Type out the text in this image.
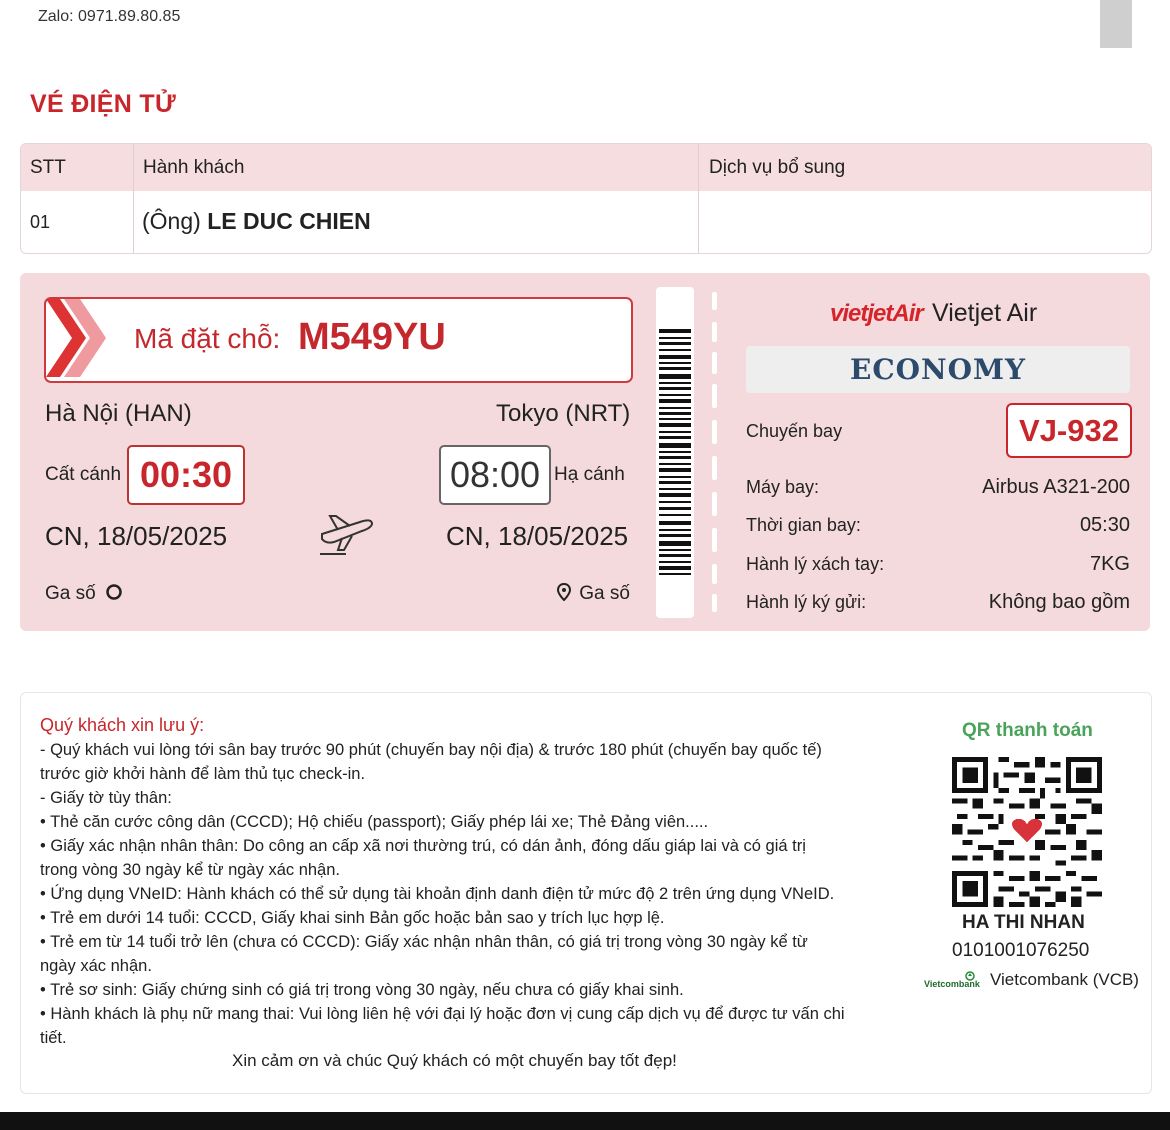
Zalo: 0971.89.80.85
VÉ ĐIỆN TỬ
STT	Hành khách	Dịch vụ bổ sung
01	(Ông) LE DUC CHIEN
Mã đặt chỗ: M549YU
Hà Nội (HAN)	Tokyo (NRT)
Cất cánh 00:30	08:00 Hạ cánh
CN, 18/05/2025	CN, 18/05/2025
Ga số	Ga số
vietjetAir Vietjet Air
ECONOMY
Chuyến bay	VJ-932
Máy bay:	Airbus A321-200
Thời gian bay:	05:30
Hành lý xách tay:	7KG
Hành lý ký gửi:	Không bao gồm
Quý khách xin lưu ý:
- Quý khách vui lòng tới sân bay trước 90 phút (chuyến bay nội địa) & trước 180 phút (chuyến bay quốc tế)
trước giờ khởi hành để làm thủ tục check-in.
- Giấy tờ tùy thân:
• Thẻ căn cước công dân (CCCD); Hộ chiếu (passport); Giấy phép lái xe; Thẻ Đảng viên.....
• Giấy xác nhận nhân thân: Do công an cấp xã nơi thường trú, có dán ảnh, đóng dấu giáp lai và có giá trị
trong vòng 30 ngày kể từ ngày xác nhận.
• Ứng dụng VNeID: Hành khách có thể sử dụng tài khoản định danh điện tử mức độ 2 trên ứng dụng VNeID.
• Trẻ em dưới 14 tuổi: CCCD, Giấy khai sinh Bản gốc hoặc bản sao y trích lục hợp lệ.
• Trẻ em từ 14 tuổi trở lên (chưa có CCCD): Giấy xác nhận nhân thân, có giá trị trong vòng 30 ngày kể từ
ngày xác nhận.
• Trẻ sơ sinh: Giấy chứng sinh có giá trị trong vòng 30 ngày, nếu chưa có giấy khai sinh.
• Hành khách là phụ nữ mang thai: Vui lòng liên hệ với đại lý hoặc đơn vị cung cấp dịch vụ để được tư vấn chi
tiết.
Xin cảm ơn và chúc Quý khách có một chuyến bay tốt đẹp!
QR thanh toán
HA THI NHAN
0101001076250
Vietcombank Vietcombank (VCB)
